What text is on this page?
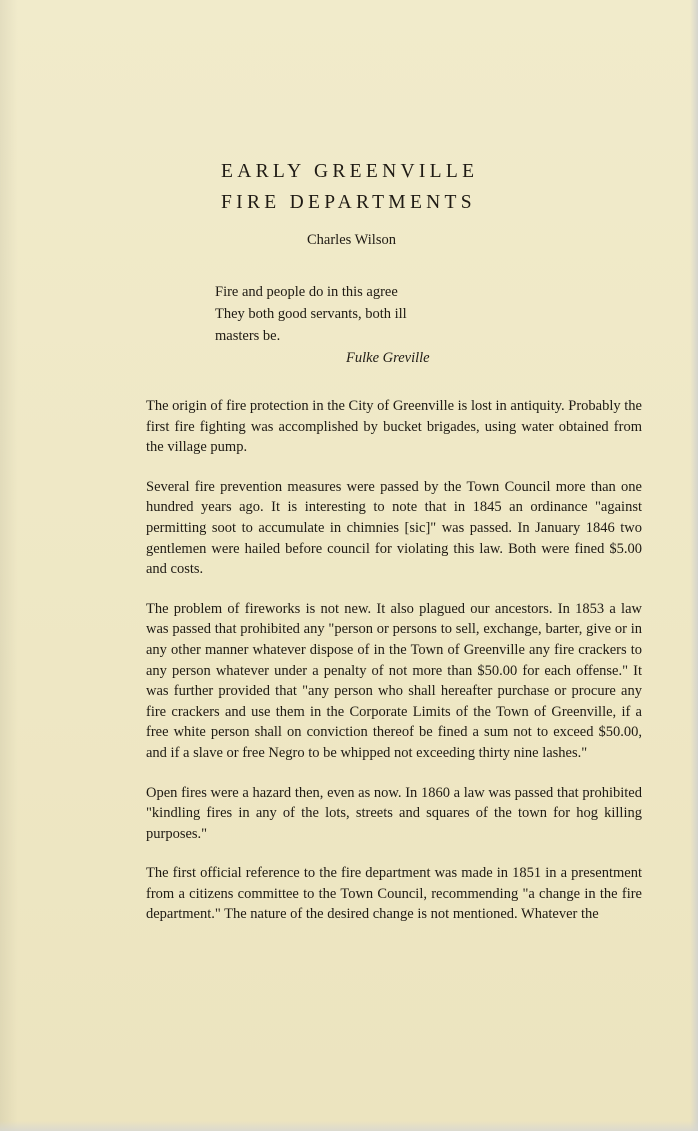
EARLY GREENVILLE
FIRE DEPARTMENTS
Charles Wilson

Fire and people do in this agree

They both good servants, both ill

masters be.

Fulke Greville

The origin of fire protection in the City of Greenville is lost in antiquity. Probably the first fire fighting was accomplished by bucket brigades, using water obtained from the village pump.

Several fire prevention measures were passed by the Town Council more than one hundred years ago. It is interesting to note that in 1845 an ordinance "against permitting soot to accumulate in chimnies [sic]" was passed. In January 1846 two gentlemen were hailed before council for violating this law. Both were fined $5.00 and costs.

The problem of fireworks is not new. It also plagued our ancestors. In 1853 a law was passed that prohibited any "person or persons to sell, exchange, barter, give or in any other manner whatever dispose of in the Town of Greenville any fire crackers to any person whatever under a penalty of not more than $50.00 for each offense." It was further provided that "any person who shall hereafter purchase or procure any fire crackers and use them in the Corporate Limits of the Town of Greenville, if a free white person shall on conviction thereof be fined a sum not to exceed $50.00, and if a slave or free Negro to be whipped not exceeding thirty nine lashes."

Open fires were a hazard then, even as now. In 1860 a law was passed that prohibited "kindling fires in any of the lots, streets and squares of the town for hog killing purposes."

The first official reference to the fire department was made in 1851 in a presentment from a citizens committee to the Town Council, recommending "a change in the fire department." The nature of the desired change is not mentioned. Whatever the
